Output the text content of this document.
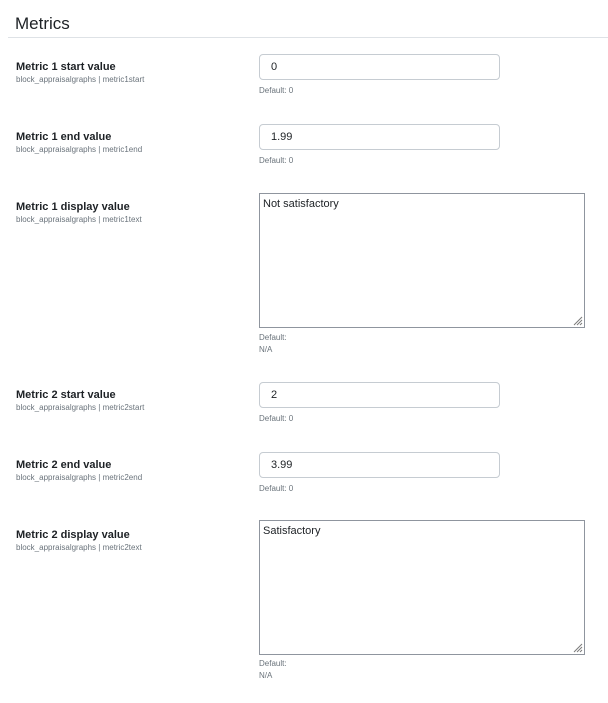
Metrics
Metric 1 start value
block_appraisalgraphs | metric1start
0
Default: 0
Metric 1 end value
block_appraisalgraphs | metric1end
1.99
Default: 0
Metric 1 display value
block_appraisalgraphs | metric1text
Not satisfactory
Default:
N/A
Metric 2 start value
block_appraisalgraphs | metric2start
2
Default: 0
Metric 2 end value
block_appraisalgraphs | metric2end
3.99
Default: 0
Metric 2 display value
block_appraisalgraphs | metric2text
Satisfactory
Default:
N/A
